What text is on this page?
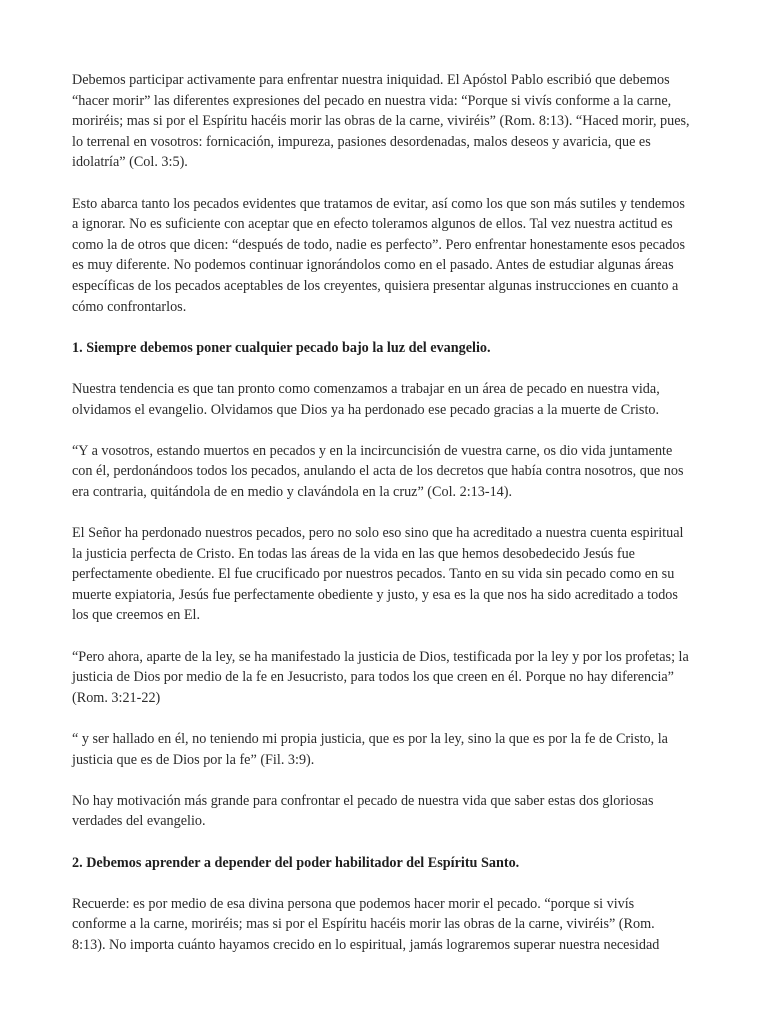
Debemos participar activamente para enfrentar nuestra iniquidad. El Apóstol Pablo escribió que debemos “hacer morir” las diferentes expresiones del pecado en nuestra vida: “Porque si vivís conforme a la carne, moriréis; mas si por el Espíritu hacéis morir las obras de la carne, viviréis” (Rom. 8:13). “Haced morir, pues, lo terrenal en vosotros: fornicación, impureza, pasiones desordenadas, malos deseos y avaricia, que es idolatría” (Col. 3:5).

Esto abarca tanto los pecados evidentes que tratamos de evitar, así como los que son más sutiles y tendemos a ignorar. No es suficiente con aceptar que en efecto toleramos algunos de ellos. Tal vez nuestra actitud es como la de otros que dicen: “después de todo, nadie es perfecto”. Pero enfrentar honestamente esos pecados es muy diferente. No podemos continuar ignorándolos como en el pasado. Antes de estudiar algunas áreas específicas de los pecados aceptables de los creyentes, quisiera presentar algunas instrucciones en cuanto a cómo confrontarlos.

1. Siempre debemos poner cualquier pecado bajo la luz del evangelio.

Nuestra tendencia es que tan pronto como comenzamos a trabajar en un área de pecado en nuestra vida, olvidamos el evangelio. Olvidamos que Dios ya ha perdonado ese pecado gracias a la muerte de Cristo.

“Y a vosotros, estando muertos en pecados y en la incircuncisión de vuestra carne, os dio vida juntamente con él, perdonándoos todos los pecados, anulando el acta de los decretos que había contra nosotros, que nos era contraria, quitándola de en medio y clavándola en la cruz” (Col. 2:13-14).

El Señor ha perdonado nuestros pecados, pero no solo eso sino que ha acreditado a nuestra cuenta espiritual la justicia perfecta de Cristo. En todas las áreas de la vida en las que hemos desobedecido Jesús fue perfectamente obediente. El fue crucificado por nuestros pecados. Tanto en su vida sin pecado como en su muerte expiatoria, Jesús fue perfectamente obediente y justo, y esa es la que nos ha sido acreditado a todos los que creemos en El.

“Pero ahora, aparte de la ley, se ha manifestado la justicia de Dios, testificada por la ley y por los profetas; la justicia de Dios por medio de la fe en Jesucristo, para todos los que creen en él. Porque no hay diferencia” (Rom. 3:21-22)

“ y ser hallado en él, no teniendo mi propia justicia, que es por la ley, sino la que es por la fe de Cristo, la justicia que es de Dios por la fe” (Fil. 3:9).

No hay motivación más grande para confrontar el pecado de nuestra vida que saber estas dos gloriosas verdades del evangelio.

2. Debemos aprender a depender del poder habilitador del Espíritu Santo.

Recuerde: es por medio de esa divina persona que podemos hacer morir el pecado. “porque si vivís conforme a la carne, moriréis; mas si por el Espíritu hacéis morir las obras de la carne, viviréis” (Rom. 8:13). No importa cuánto hayamos crecido en lo espiritual, jamás lograremos superar nuestra necesidad
